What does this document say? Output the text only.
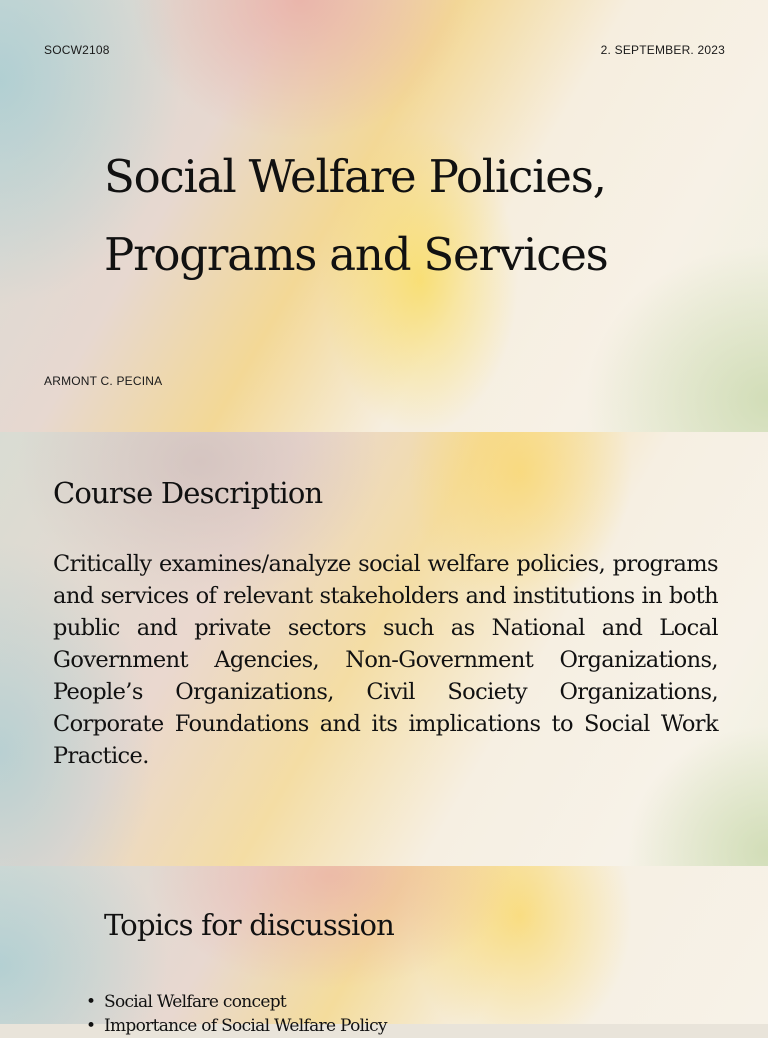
SOCW2108	2. SEPTEMBER. 2023
Social Welfare Policies,
Programs and Services
ARMONT C. PECINA
Course Description

Critically examines/analyze social welfare policies, programs and services of relevant stakeholders and institutions in both public and private sectors such as National and Local Government Agencies, Non-Government Organizations, People’s Organizations, Civil Society Organizations, Corporate Foundations and its implications to Social Work Practice.

Topics for discussion
• Social Welfare concept
• Importance of Social Welfare Policy
